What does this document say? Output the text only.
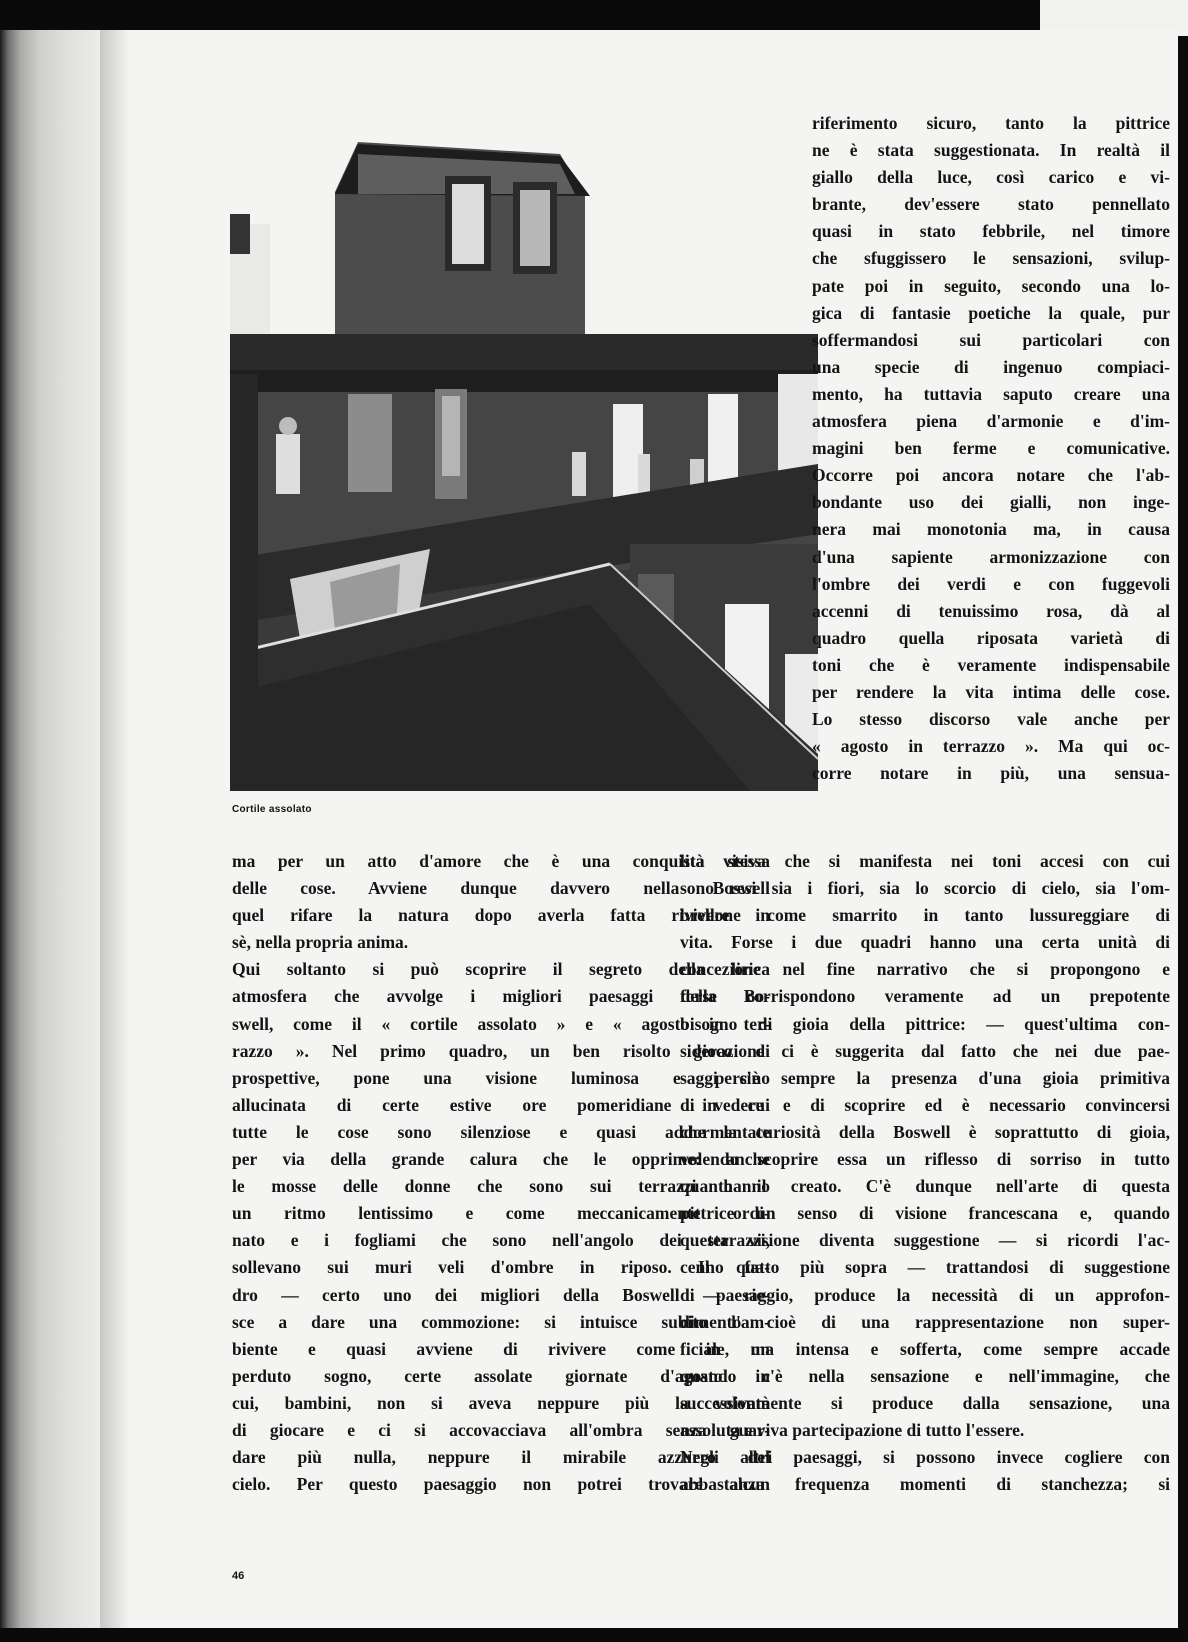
Cortile assolato
riferimento sicuro, tanto la pittrice
ne è stata suggestionata. In realtà il
giallo della luce, così carico e vi-
brante, dev'essere stato pennellato
quasi in stato febbrile, nel timore
che sfuggissero le sensazioni, svilup-
pate poi in seguito, secondo una lo-
gica di fantasie poetiche la quale, pur
soffermandosi sui particolari con
una specie di ingenuo compiaci-
mento, ha tuttavia saputo creare una
atmosfera piena d'armonie e d'im-
magini ben ferme e comunicative.
Occorre poi ancora notare che l'ab-
bondante uso dei gialli, non inge-
nera mai monotonia ma, in causa
d'una sapiente armonizzazione con
l'ombre dei verdi e con fuggevoli
accenni di tenuissimo rosa, dà al
quadro quella riposata varietà di
toni che è veramente indispensabile
per rendere la vita intima delle cose.
Lo stesso discorso vale anche per
« agosto in terrazzo ». Ma qui oc-
corre notare in più, una sensua-
ma per un atto d'amore che è una conquista stessa
delle cose. Avviene dunque davvero nella Boswell
quel rifare la natura dopo averla fatta rivivere in
sè, nella propria anima.
Qui soltanto si può scoprire il segreto della lirica
atmosfera che avvolge i migliori paesaggi della Bo-
swell, come il « cortile assolato » e « agosto in ter-
razzo ». Nel primo quadro, un ben risolto gioco di
prospettive, pone una visione luminosa e persino
allucinata di certe estive ore pomeridiane in cui
tutte le cose sono silenziose e quasi addormentate
per via della grande calura che le opprime: anche
le mosse delle donne che sono sui terrazzi hanno
un ritmo lentissimo e come meccanicamente ordi-
nato e i fogliami che sono nell'angolo dei terrazzi,
sollevano sui muri veli d'ombre in riposo. Il qua-
dro — certo uno dei migliori della Boswell — rie-
sce a dare una commozione: si intuisce subito l'am-
biente e quasi avviene di rivivere come in un
perduto sogno, certe assolate giornate d'agosto in
cui, bambini, non si aveva neppure più la volontà
di giocare e ci si accovacciava all'ombra senza guar-
dare più nulla, neppure il mirabile azzurro del
cielo. Per questo paesaggio non potrei trovare alcun
lità visiva che si manifesta nei toni accesi con cui
sono resi sia i fiori, sia lo scorcio di cielo, sia l'om-
brellone come smarrito in tanto lussureggiare di
vita. Forse i due quadri hanno una certa unità di
concezione nel fine narrativo che si propongono e
forse corrispondono veramente ad un prepotente
bisogno di gioia della pittrice: — quest'ultima con-
siderazione ci è suggerita dal fatto che nei due pae-
saggi c'è sempre la presenza d'una gioia primitiva
di vedere e di scoprire ed è necessario convincersi
che la curiosità della Boswell è soprattutto di gioia,
volendo scoprire essa un riflesso di sorriso in tutto
quanto il creato. C'è dunque nell'arte di questa
pittrice un senso di visione francescana e, quando
questa visione diventa suggestione — si ricordi l'ac-
cenno fatto più sopra — trattandosi di suggestione
di paesaggio, produce la necessità di un approfon-
dimento cioè di una rappresentazione non super-
ficiale, ma intensa e sofferta, come sempre accade
quando c'è nella sensazione e nell'immagine, che
successivamente si produce dalla sensazione, una
assoluta e viva partecipazione di tutto l'essere.
Negli altri paesaggi, si possono invece cogliere con
abbastanza frequenza momenti di stanchezza; si
46
